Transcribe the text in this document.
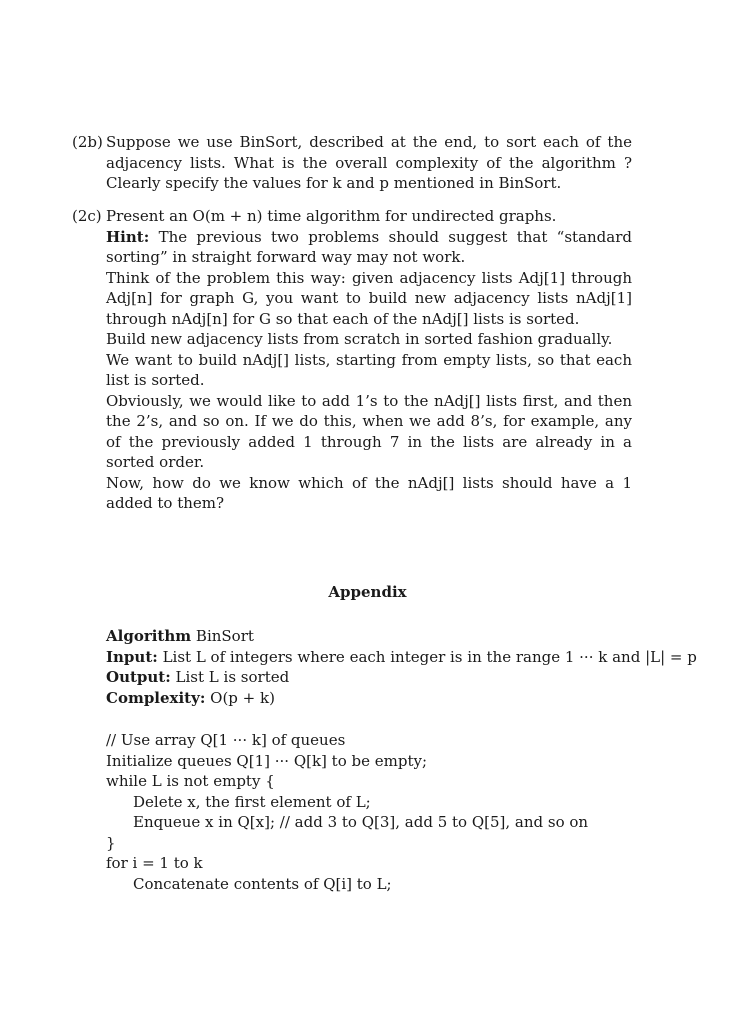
(2b) Suppose we use BinSort, described at the end, to sort each of the adjacency lists. What is the overall complexity of the algorithm ? Clearly specify the values for k and p mentioned in BinSort.

(2c) Present an O(m + n) time algorithm for undirected graphs.

Hint: The previous two problems should suggest that “standard sorting” in straight forward way may not work.

Think of the problem this way: given adjacency lists Adj[1] through Adj[n] for graph G, you want to build new adjacency lists nAdj[1] through nAdj[n] for G so that each of the nAdj[] lists is sorted.

Build new adjacency lists from scratch in sorted fashion gradually.

We want to build nAdj[] lists, starting from empty lists, so that each list is sorted.

Obviously, we would like to add 1’s to the nAdj[] lists first, and then the 2’s, and so on. If we do this, when we add 8’s, for example, any of the previously added 1 through 7 in the lists are already in a sorted order.

Now, how do we know which of the nAdj[] lists should have a 1 added to them?

Appendix
Algorithm BinSort
Input: List L of integers where each integer is in the range 1 ··· k and |L| = p
Output: List L is sorted
Complexity: O(p + k)
// Use array Q[1 ··· k] of queues
Initialize queues Q[1] ··· Q[k] to be empty;
while L is not empty {
Delete x, the first element of L;
Enqueue x in Q[x]; // add 3 to Q[3], add 5 to Q[5], and so on
}
for i = 1 to k
Concatenate contents of Q[i] to L;
